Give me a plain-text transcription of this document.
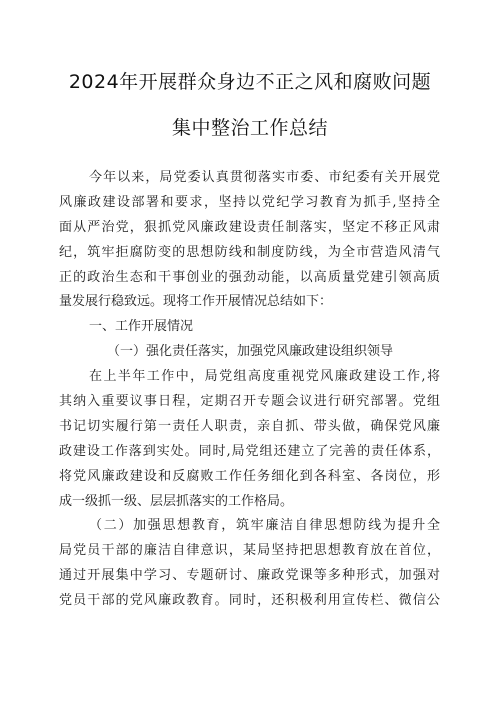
2024年开展群众身边不正之风和腐败问题
集中整治工作总结
今年以来，局党委认真贯彻落实市委、市纪委有关开展党
风廉政建设部署和要求，坚持以党纪学习教育为抓手,坚持全
面从严治党，狠抓党风廉政建设责任制落实，坚定不移正风肃
纪，筑牢拒腐防变的思想防线和制度防线，为全市营造风清气
正的政治生态和干事创业的强劲动能，以高质量党建引领高质
量发展行稳致远。现将工作开展情况总结如下：
一、工作开展情况
（一）强化责任落实，加强党风廉政建设组织领导
在上半年工作中，局党组高度重视党风廉政建设工作,将
其纳入重要议事日程，定期召开专题会议进行研究部署。党组
书记切实履行第一责任人职责，亲自抓、带头做，确保党风廉
政建设工作落到实处。同时,局党组还建立了完善的责任体系，
将党风廉政建设和反腐败工作任务细化到各科室、各岗位，形
成一级抓一级、层层抓落实的工作格局。
（二）加强思想教育，筑牢廉洁自律思想防线为提升全
局党员干部的廉洁自律意识，某局坚持把思想教育放在首位，
通过开展集中学习、专题研讨、廉政党课等多种形式，加强对
党员干部的党风廉政教育。同时，还积极利用宣传栏、微信公
